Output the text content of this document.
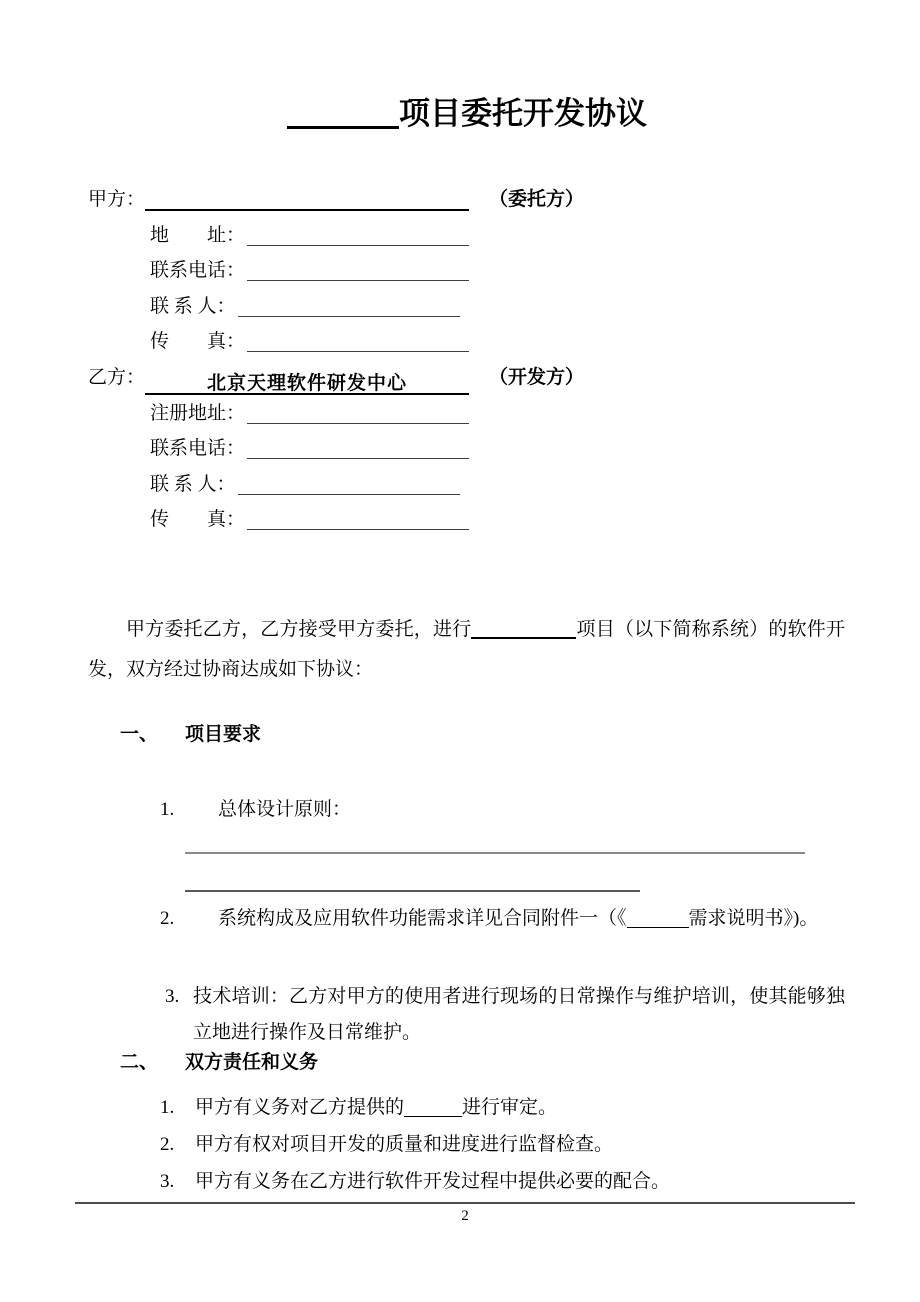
项目委托开发协议
甲方：	（委托方）
地　　址：
联系电话：
联 系 人：
传　　真：
乙方：	北京天理软件研发中心	（开发方）
注册地址：
联系电话：
联 系 人：
传　　真：

甲方委托乙方，乙方接受甲方委托，进行	项目（以下简称系统）的软件开发，双方经过协商达成如下协议：

一、 项目要求
1. 总体设计原则：
2. 系统构成及应用软件功能需求详见合同附件一（《	需求说明书》)。
3. 技术培训：乙方对甲方的使用者进行现场的日常操作与维护培训，使其能够独立地进行操作及日常维护。
二、 双方责任和义务
1. 甲方有义务对乙方提供的	进行审定。
2. 甲方有权对项目开发的质量和进度进行监督检查。
3. 甲方有义务在乙方进行软件开发过程中提供必要的配合。
2
